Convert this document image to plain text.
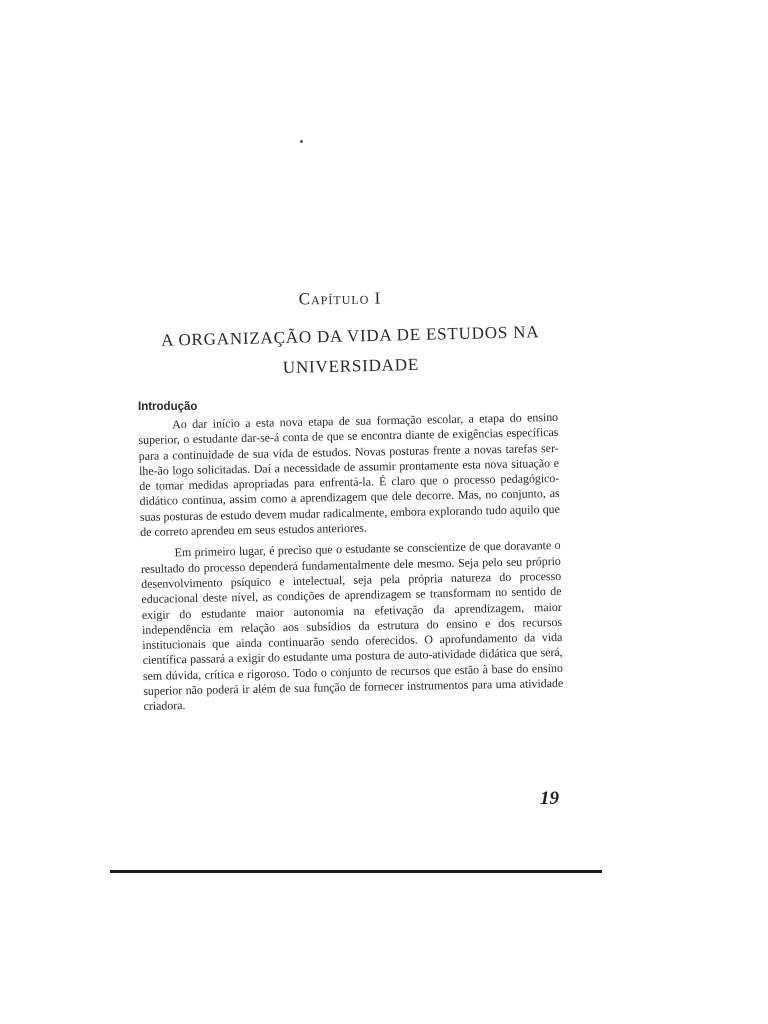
Capítulo I
A ORGANIZAÇÃO DA VIDA DE ESTUDOS NA UNIVERSIDADE
Introdução

Ao dar início a esta nova etapa de sua formação escolar, a etapa do ensino superior, o estudante dar-se-á conta de que se encontra diante de exigências específicas para a continuidade de sua vida de estudos. Novas posturas frente a novas tarefas ser-lhe-ão logo solicitadas. Daí a necessidade de assumir prontamente esta nova situação e de tomar medidas apropriadas para enfrentá-la. É claro que o processo pedagógico-didático continua, assim como a aprendizagem que dele decorre. Mas, no conjunto, as suas posturas de estudo devem mudar radicalmente, embora explorando tudo aquilo que de correto aprendeu em seus estudos anteriores.

Em primeiro lugar, é preciso que o estudante se conscientize de que doravante o resultado do processo dependerá fundamentalmente dele mesmo. Seja pelo seu próprio desenvolvimento psíquico e intelectual, seja pela própria natureza do processo educacional deste nível, as condições de aprendizagem se transformam no sentido de exigir do estudante maior autonomia na efetivação da aprendizagem, maior independência em relação aos subsídios da estrutura do ensino e dos recursos institucionais que ainda continuarão sendo oferecidos. O aprofundamento da vida científica passará a exigir do estudante uma postura de auto-atividade didática que será, sem dúvida, crítica e rigoroso. Todo o conjunto de recursos que estão à base do ensino superior não poderá ir além de sua função de fornecer instrumentos para uma atividade criadora.

19
